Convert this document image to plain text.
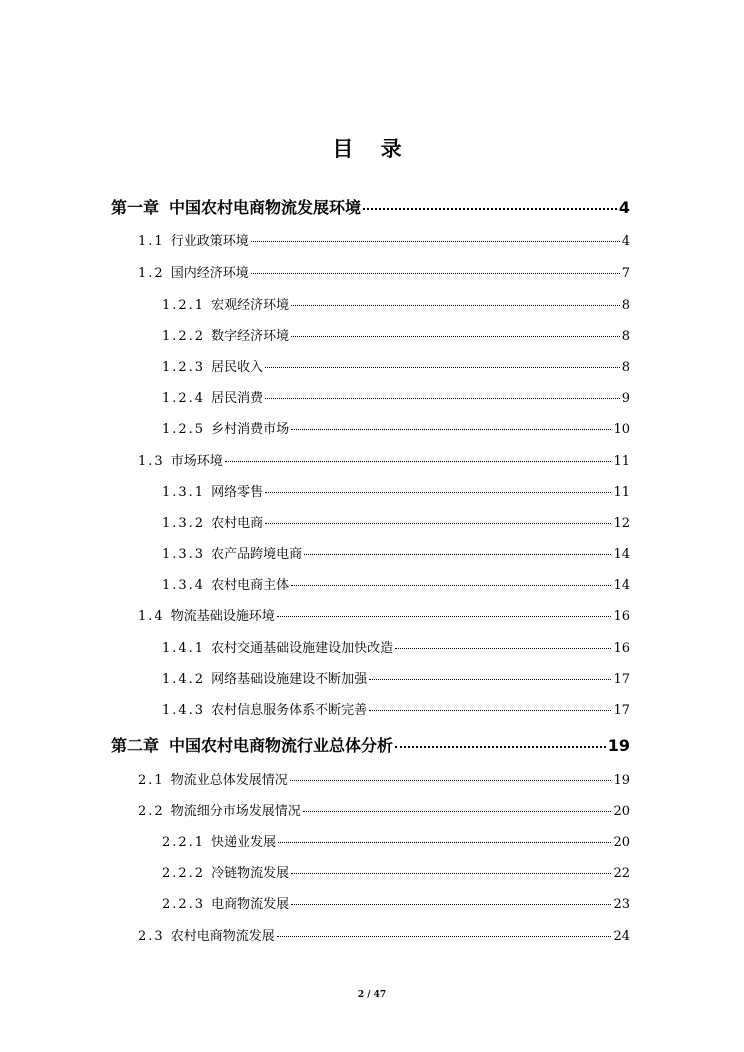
目 录
第一章 中国农村电商物流发展环境	4
1.1 行业政策环境	4
1.2 国内经济环境	7
1.2.1 宏观经济环境	8
1.2.2 数字经济环境	8
1.2.3 居民收入	8
1.2.4 居民消费	9
1.2.5 乡村消费市场	10
1.3 市场环境	11
1.3.1 网络零售	11
1.3.2 农村电商	12
1.3.3 农产品跨境电商	14
1.3.4 农村电商主体	14
1.4 物流基础设施环境	16
1.4.1 农村交通基础设施建设加快改造	16
1.4.2 网络基础设施建设不断加强	17
1.4.3 农村信息服务体系不断完善	17
第二章 中国农村电商物流行业总体分析	19
2.1 物流业总体发展情况	19
2.2 物流细分市场发展情况	20
2.2.1 快递业发展	20
2.2.2 冷链物流发展	22
2.2.3 电商物流发展	23
2.3 农村电商物流发展	24
2 / 47
